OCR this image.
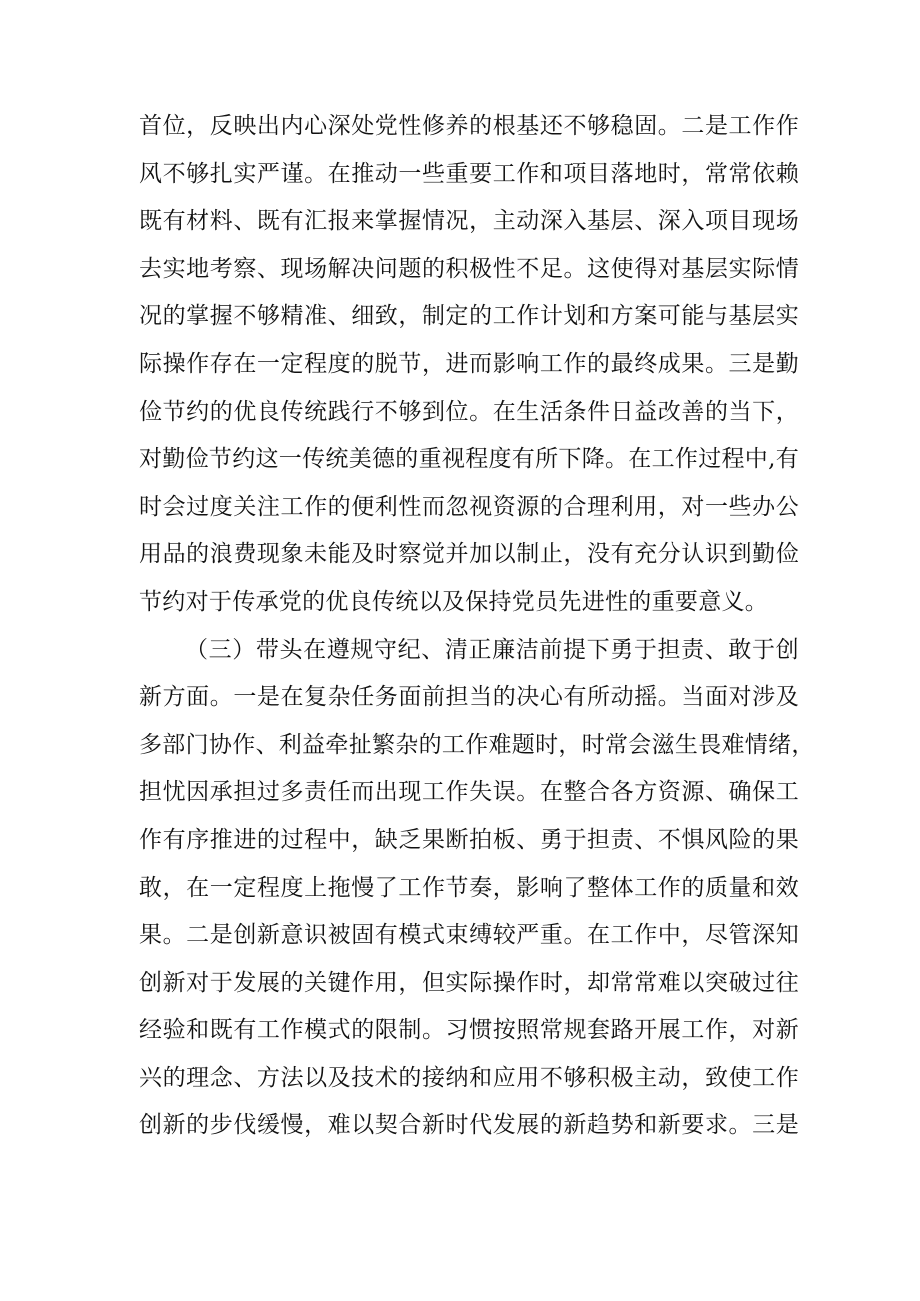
首位，反映出内心深处党性修养的根基还不够稳固。二是工作作
风不够扎实严谨。在推动一些重要工作和项目落地时，常常依赖
既有材料、既有汇报来掌握情况，主动深入基层、深入项目现场
去实地考察、现场解决问题的积极性不足。这使得对基层实际情
况的掌握不够精准、细致，制定的工作计划和方案可能与基层实
际操作存在一定程度的脱节，进而影响工作的最终成果。三是勤
俭节约的优良传统践行不够到位。在生活条件日益改善的当下，
对勤俭节约这一传统美德的重视程度有所下降。在工作过程中,有
时会过度关注工作的便利性而忽视资源的合理利用，对一些办公
用品的浪费现象未能及时察觉并加以制止，没有充分认识到勤俭
节约对于传承党的优良传统以及保持党员先进性的重要意义。
（三）带头在遵规守纪、清正廉洁前提下勇于担责、敢于创
新方面。一是在复杂任务面前担当的决心有所动摇。当面对涉及
多部门协作、利益牵扯繁杂的工作难题时，时常会滋生畏难情绪，
担忧因承担过多责任而出现工作失误。在整合各方资源、确保工
作有序推进的过程中，缺乏果断拍板、勇于担责、不惧风险的果
敢，在一定程度上拖慢了工作节奏，影响了整体工作的质量和效
果。二是创新意识被固有模式束缚较严重。在工作中，尽管深知
创新对于发展的关键作用，但实际操作时，却常常难以突破过往
经验和既有工作模式的限制。习惯按照常规套路开展工作，对新
兴的理念、方法以及技术的接纳和应用不够积极主动，致使工作
创新的步伐缓慢，难以契合新时代发展的新趋势和新要求。三是
